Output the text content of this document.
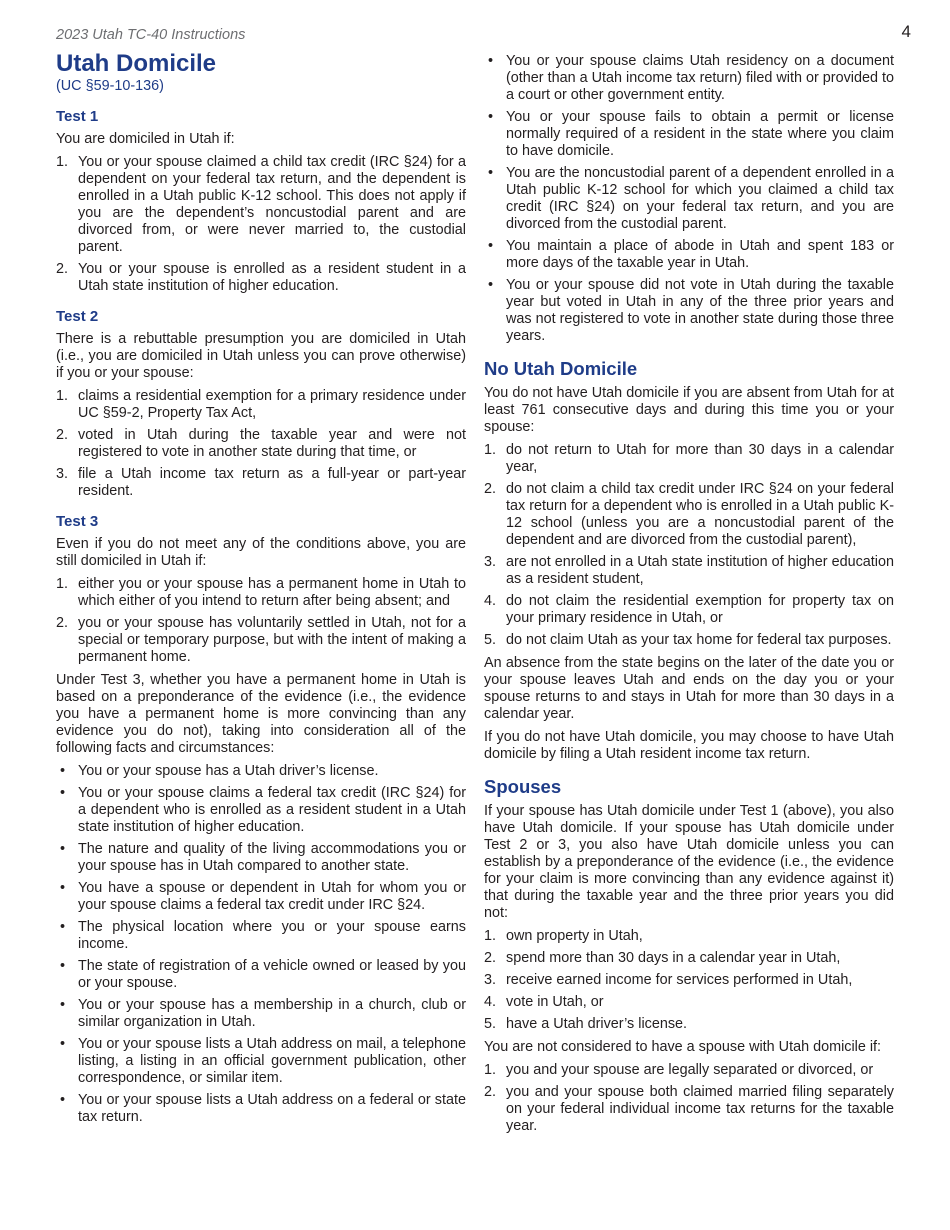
2023 Utah TC-40 Instructions	4
Utah Domicile
(UC §59-10-136)
Test 1

You are domiciled in Utah if:

1. You or your spouse claimed a child tax credit (IRC §24) for a dependent on your federal tax return, and the dependent is enrolled in a Utah public K-12 school. This does not apply if you are the dependent’s noncustodial parent and are divorced from, or were never married to, the custodial parent.
2. You or your spouse is enrolled as a resident student in a Utah state institution of higher education.
Test 2

There is a rebuttable presumption you are domiciled in Utah (i.e., you are domiciled in Utah unless you can prove otherwise) if you or your spouse:

1. claims a residential exemption for a primary residence under UC §59-2, Property Tax Act,
2. voted in Utah during the taxable year and were not registered to vote in another state during that time, or
3. file a Utah income tax return as a full-year or part-year resident.
Test 3

Even if you do not meet any of the conditions above, you are still domiciled in Utah if:

1. either you or your spouse has a permanent home in Utah to which either of you intend to return after being absent; and
2. you or your spouse has voluntarily settled in Utah, not for a special or temporary purpose, but with the intent of making a permanent home.

Under Test 3, whether you have a permanent home in Utah is based on a preponderance of the evidence (i.e., the evidence you have a permanent home is more convincing than any evidence you do not), taking into consideration all of the following facts and circumstances:

• You or your spouse has a Utah driver’s license.
• You or your spouse claims a federal tax credit (IRC §24) for a dependent who is enrolled as a resident student in a Utah state institution of higher education.
• The nature and quality of the living accommodations you or your spouse has in Utah compared to another state.
• You have a spouse or dependent in Utah for whom you or your spouse claims a federal tax credit under IRC §24.
• The physical location where you or your spouse earns income.
• The state of registration of a vehicle owned or leased by you or your spouse.
• You or your spouse has a membership in a church, club or similar organization in Utah.
• You or your spouse lists a Utah address on mail, a telephone listing, a listing in an official government publication, other correspondence, or similar item.
• You or your spouse lists a Utah address on a federal or state tax return.
• You or your spouse claims Utah residency on a document (other than a Utah income tax return) filed with or provided to a court or other government entity.
• You or your spouse fails to obtain a permit or license normally required of a resident in the state where you claim to have domicile.
• You are the noncustodial parent of a dependent enrolled in a Utah public K-12 school for which you claimed a child tax credit (IRC §24) on your federal tax return, and you are divorced from the custodial parent.
• You maintain a place of abode in Utah and spent 183 or more days of the taxable year in Utah.
• You or your spouse did not vote in Utah during the taxable year but voted in Utah in any of the three prior years and was not registered to vote in another state during those three years.
No Utah Domicile

You do not have Utah domicile if you are absent from Utah for at least 761 consecutive days and during this time you or your spouse:

1. do not return to Utah for more than 30 days in a calendar year,
2. do not claim a child tax credit under IRC §24 on your federal tax return for a dependent who is enrolled in a Utah public K-12 school (unless you are a noncustodial parent of the dependent and are divorced from the custodial parent),
3. are not enrolled in a Utah state institution of higher education as a resident student,
4. do not claim the residential exemption for property tax on your primary residence in Utah, or
5. do not claim Utah as your tax home for federal tax purposes.

An absence from the state begins on the later of the date you or your spouse leaves Utah and ends on the day you or your spouse returns to and stays in Utah for more than 30 days in a calendar year.

If you do not have Utah domicile, you may choose to have Utah domicile by filing a Utah resident income tax return.

Spouses

If your spouse has Utah domicile under Test 1 (above), you also have Utah domicile. If your spouse has Utah domicile under Test 2 or 3, you also have Utah domicile unless you can establish by a preponderance of the evidence (i.e., the evidence for your claim is more convincing than any evidence against it) that during the taxable year and the three prior years you did not:

1. own property in Utah,
2. spend more than 30 days in a calendar year in Utah,
3. receive earned income for services performed in Utah,
4. vote in Utah, or
5. have a Utah driver’s license.

You are not considered to have a spouse with Utah domicile if:

1. you and your spouse are legally separated or divorced, or
2. you and your spouse both claimed married filing separately on your federal individual income tax returns for the taxable year.
